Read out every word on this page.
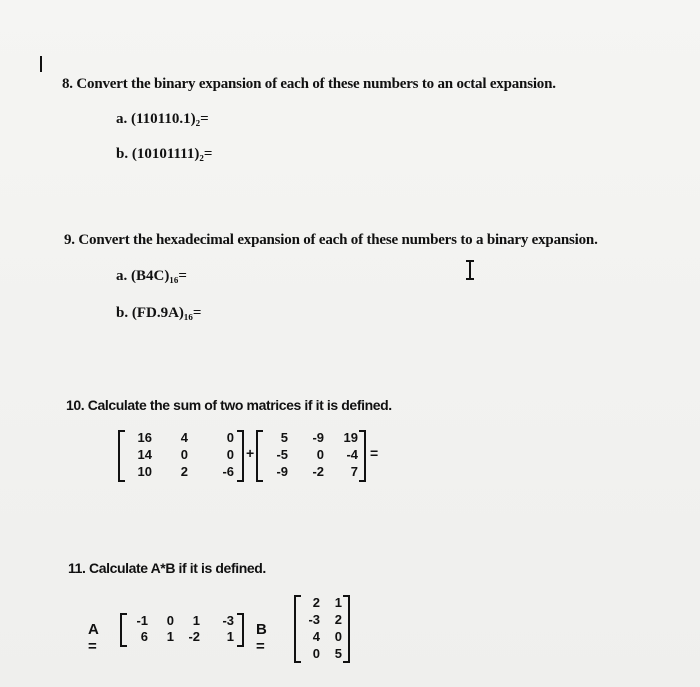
8. Convert the binary expansion of each of these numbers to an octal expansion.
a. (110110.1)₂=
b. (10101111)₂=
9. Convert the hexadecimal expansion of each of these numbers to a binary expansion.
a. (B4C)₁₆=
b. (FD.9A)₁₆=
10. Calculate the sum of two matrices if it is defined.
16 4	0
14 0	0
10 2	-6
+
5 -9 19
-5 0 -4
-9 -2 7
=
11. Calculate A*B if it is defined.
A =
-1 0 1 -3
6 1 -2 1 B =
2 1
-3 2
4 0
0 5
